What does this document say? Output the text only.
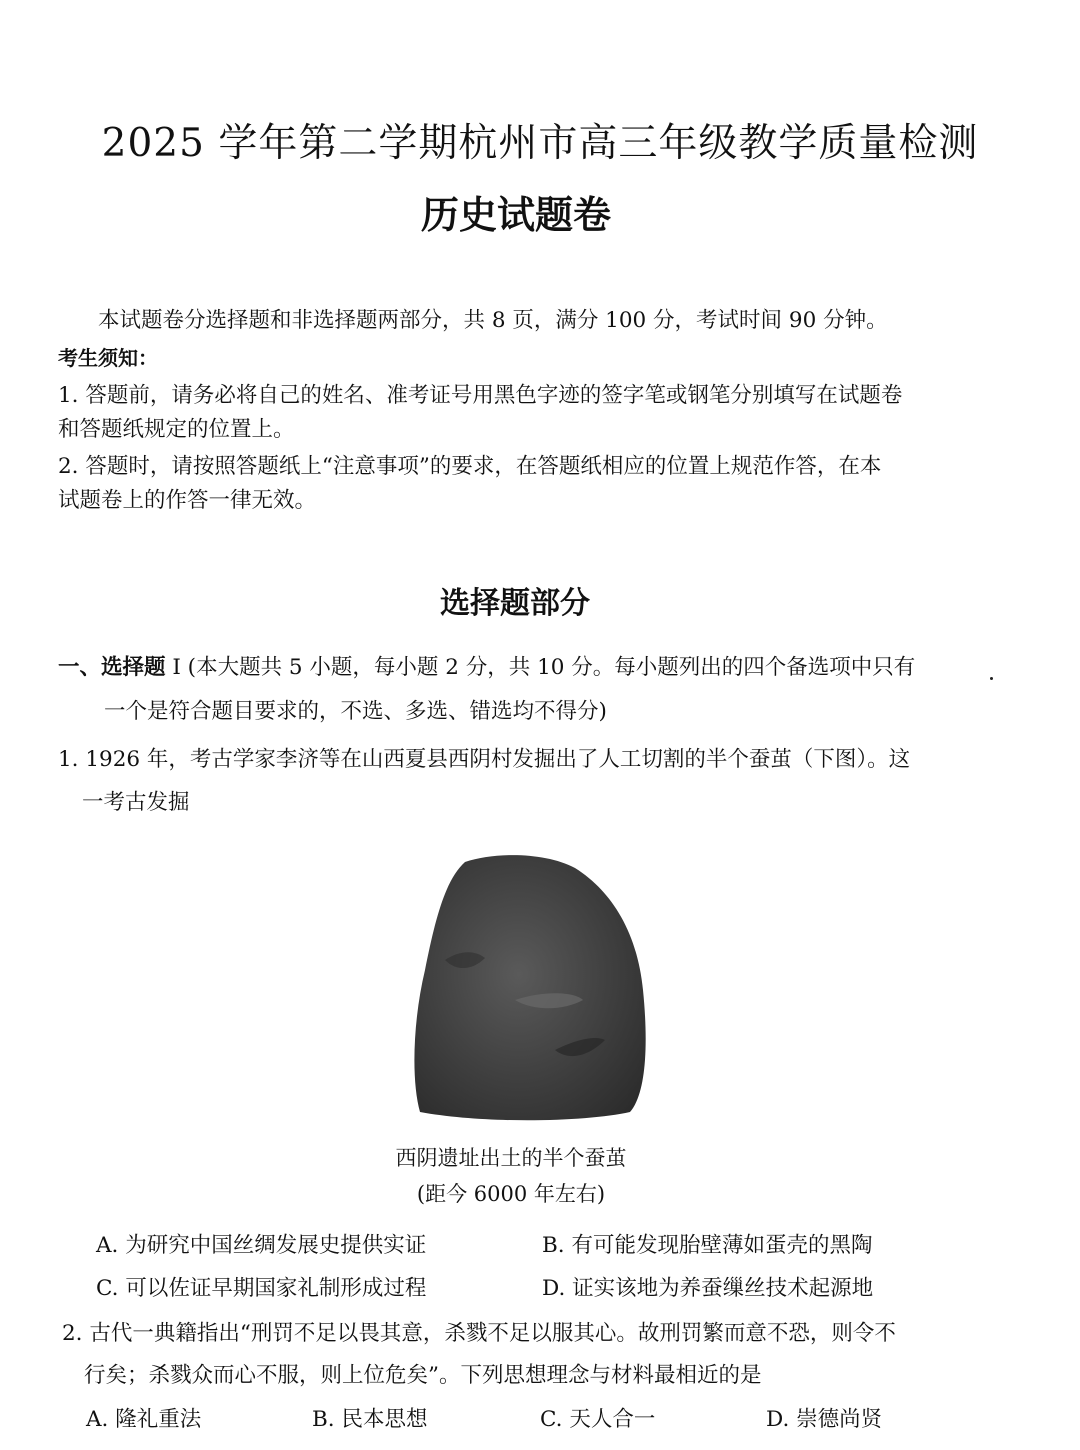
2025 学年第二学期杭州市高三年级教学质量检测
历史试题卷
本试题卷分选择题和非选择题两部分，共 8 页，满分 100 分，考试时间 90 分钟。
考生须知：
1. 答题前，请务必将自己的姓名、准考证号用黑色字迹的签字笔或钢笔分别填写在试题卷
和答题纸规定的位置上。
2. 答题时，请按照答题纸上“注意事项”的要求，在答题纸相应的位置上规范作答，在本
试题卷上的作答一律无效。
选择题部分
一、选择题 Ⅰ (本大题共 5 小题，每小题 2 分，共 10 分。每小题列出的四个备选项中只有
一个是符合题目要求的，不选、多选、错选均不得分)
1. 1926 年，考古学家李济等在山西夏县西阴村发掘出了人工切割的半个蚕茧（下图）。这
一考古发掘
西阴遗址出土的半个蚕茧
(距今 6000 年左右)
A. 为研究中国丝绸发展史提供实证	B. 有可能发现胎壁薄如蛋壳的黑陶
C. 可以佐证早期国家礼制形成过程	D. 证实该地为养蚕缫丝技术起源地
2. 古代一典籍指出“刑罚不足以畏其意，杀戮不足以服其心。故刑罚繁而意不恐，则令不
行矣；杀戮众而心不服，则上位危矣”。下列思想理念与材料最相近的是
A. 隆礼重法	B. 民本思想	C. 天人合一	D. 崇德尚贤
